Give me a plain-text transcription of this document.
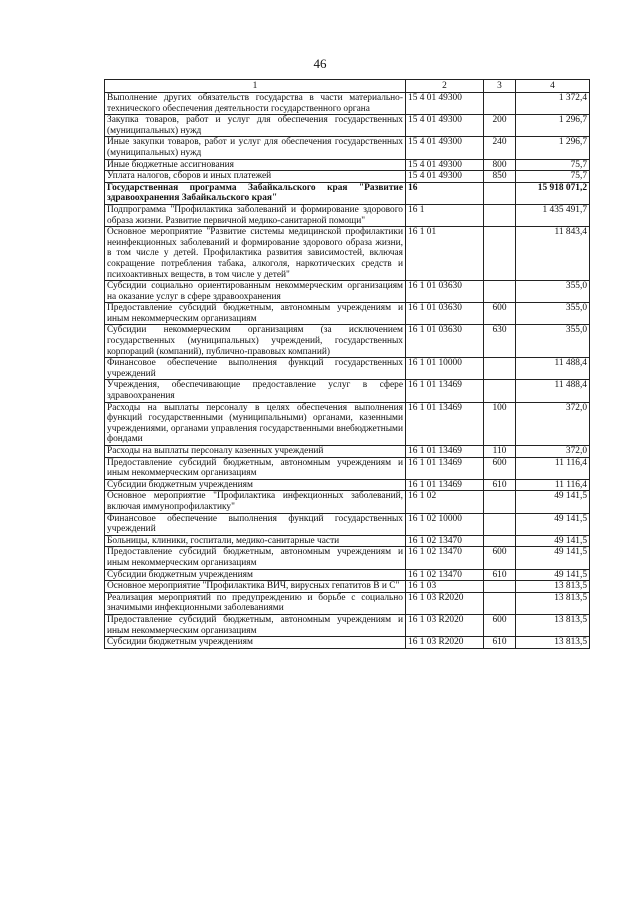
46
1	2	3	4
Выполнение других обязательств государства в части материально-технического обеспечения деятельности государственного органа	15 4 01 49300		1 372,4
Закупка товаров, работ и услуг для обеспечения государственных (муниципальных) нужд	15 4 01 49300	200	1 296,7
Иные закупки товаров, работ и услуг для обеспечения государственных (муниципальных) нужд	15 4 01 49300	240	1 296,7
Иные бюджетные ассигнования	15 4 01 49300	800	75,7
Уплата налогов, сборов и иных платежей	15 4 01 49300	850	75,7
Государственная программа Забайкальского края "Развитие здравоохранения Забайкальского края"	16		15 918 071,2
Подпрограмма "Профилактика заболеваний и формирование здорового образа жизни. Развитие первичной медико-санитарной помощи"	16 1		1 435 491,7
Основное мероприятие "Развитие системы медицинской профилактики неинфекционных заболеваний и формирование здорового образа жизни, в том числе у детей. Профилактика развития зависимостей, включая сокращение потребления табака, алкоголя, наркотических средств и психоактивных веществ, в том числе у детей"	16 1 01		11 843,4
Субсидии социально ориентированным некоммерческим организациям на оказание услуг в сфере здравоохранения	16 1 01 03630		355,0
Предоставление субсидий бюджетным, автономным учреждениям и иным некоммерческим организациям	16 1 01 03630	600	355,0
Субсидии некоммерческим организациям (за исключением государственных (муниципальных) учреждений, государственных корпораций (компаний), публично-правовых компаний)	16 1 01 03630	630	355,0
Финансовое обеспечение выполнения функций государственных учреждений	16 1 01 10000		11 488,4
Учреждения, обеспечивающие предоставление услуг в сфере здравоохранения	16 1 01 13469		11 488,4
Расходы на выплаты персоналу в целях обеспечения выполнения функций государственными (муниципальными) органами, казенными учреждениями, органами управления государственными внебюджетными фондами	16 1 01 13469	100	372,0
Расходы на выплаты персоналу казенных учреждений	16 1 01 13469	110	372,0
Предоставление субсидий бюджетным, автономным учреждениям и иным некоммерческим организациям	16 1 01 13469	600	11 116,4
Субсидии бюджетным учреждениям	16 1 01 13469	610	11 116,4
Основное мероприятие "Профилактика инфекционных заболеваний, включая иммунопрофилактику"	16 1 02		49 141,5
Финансовое обеспечение выполнения функций государственных учреждений	16 1 02 10000		49 141,5
Больницы, клиники, госпитали, медико-санитарные части	16 1 02 13470		49 141,5
Предоставление субсидий бюджетным, автономным учреждениям и иным некоммерческим организациям	16 1 02 13470	600	49 141,5
Субсидии бюджетным учреждениям	16 1 02 13470	610	49 141,5
Основное мероприятие "Профилактика ВИЧ, вирусных гепатитов В и С"	16 1 03		13 813,5
Реализация мероприятий по предупреждению и борьбе с социально значимыми инфекционными заболеваниями	16 1 03 R2020		13 813,5
Предоставление субсидий бюджетным, автономным учреждениям и иным некоммерческим организациям	16 1 03 R2020	600	13 813,5
Субсидии бюджетным учреждениям	16 1 03 R2020	610	13 813,5
